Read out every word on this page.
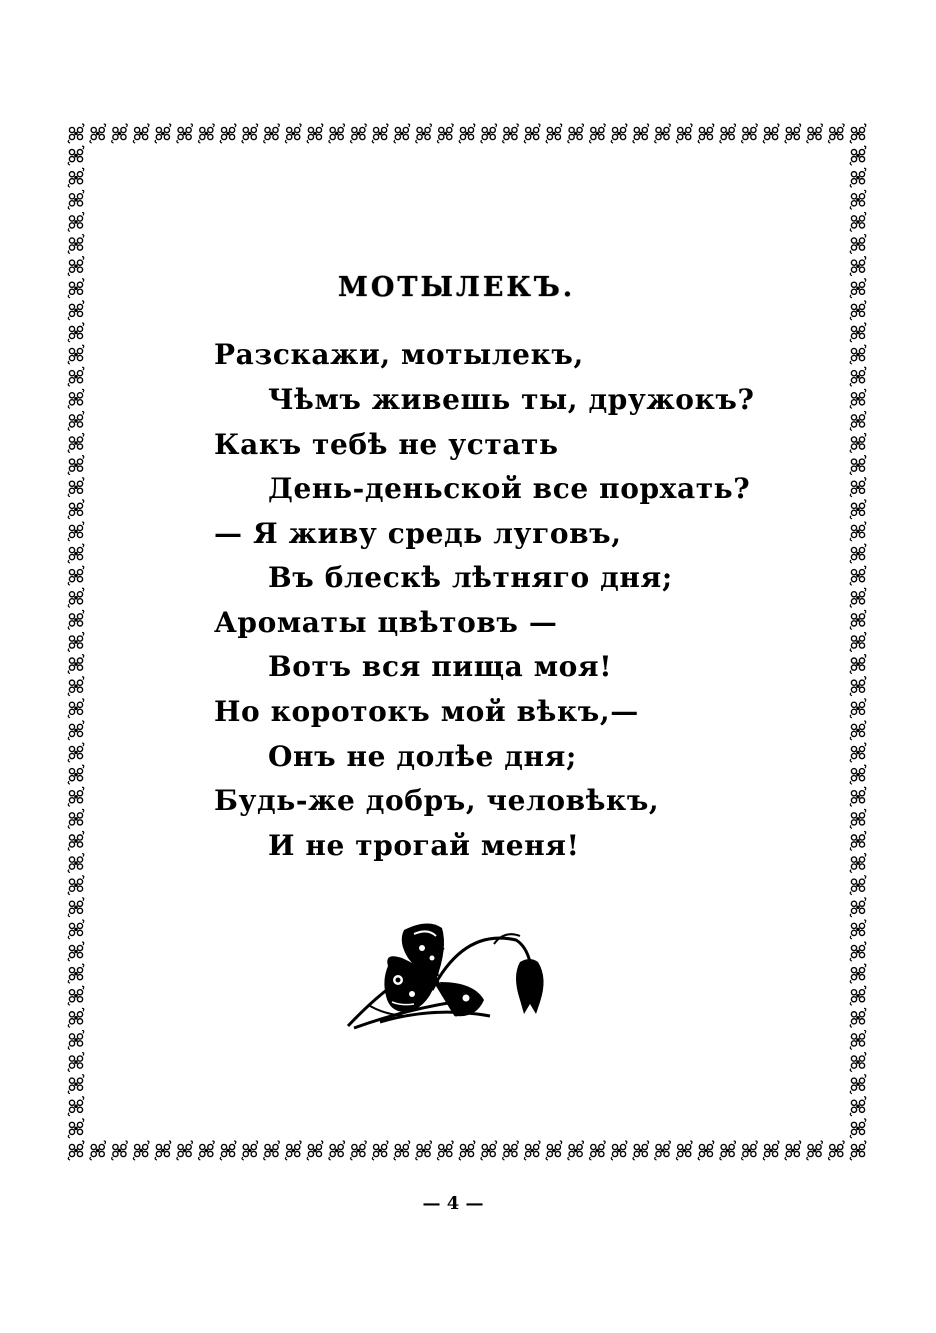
МОТЫЛЕКЪ.
Разскажи, мотылекъ,
Чѣмъ живешь ты, дружокъ?
Какъ тебѣ не устать
День-деньской все порхать?
— Я живу средь луговъ,
Въ блескѣ лѣтняго дня;
Ароматы цвѣтовъ —
Вотъ вся пища моя!
Но коротокъ мой вѣкъ,—
Онъ не долѣе дня;
Будь-же добръ, человѣкъ,
И не трогай меня!
— 4 —
